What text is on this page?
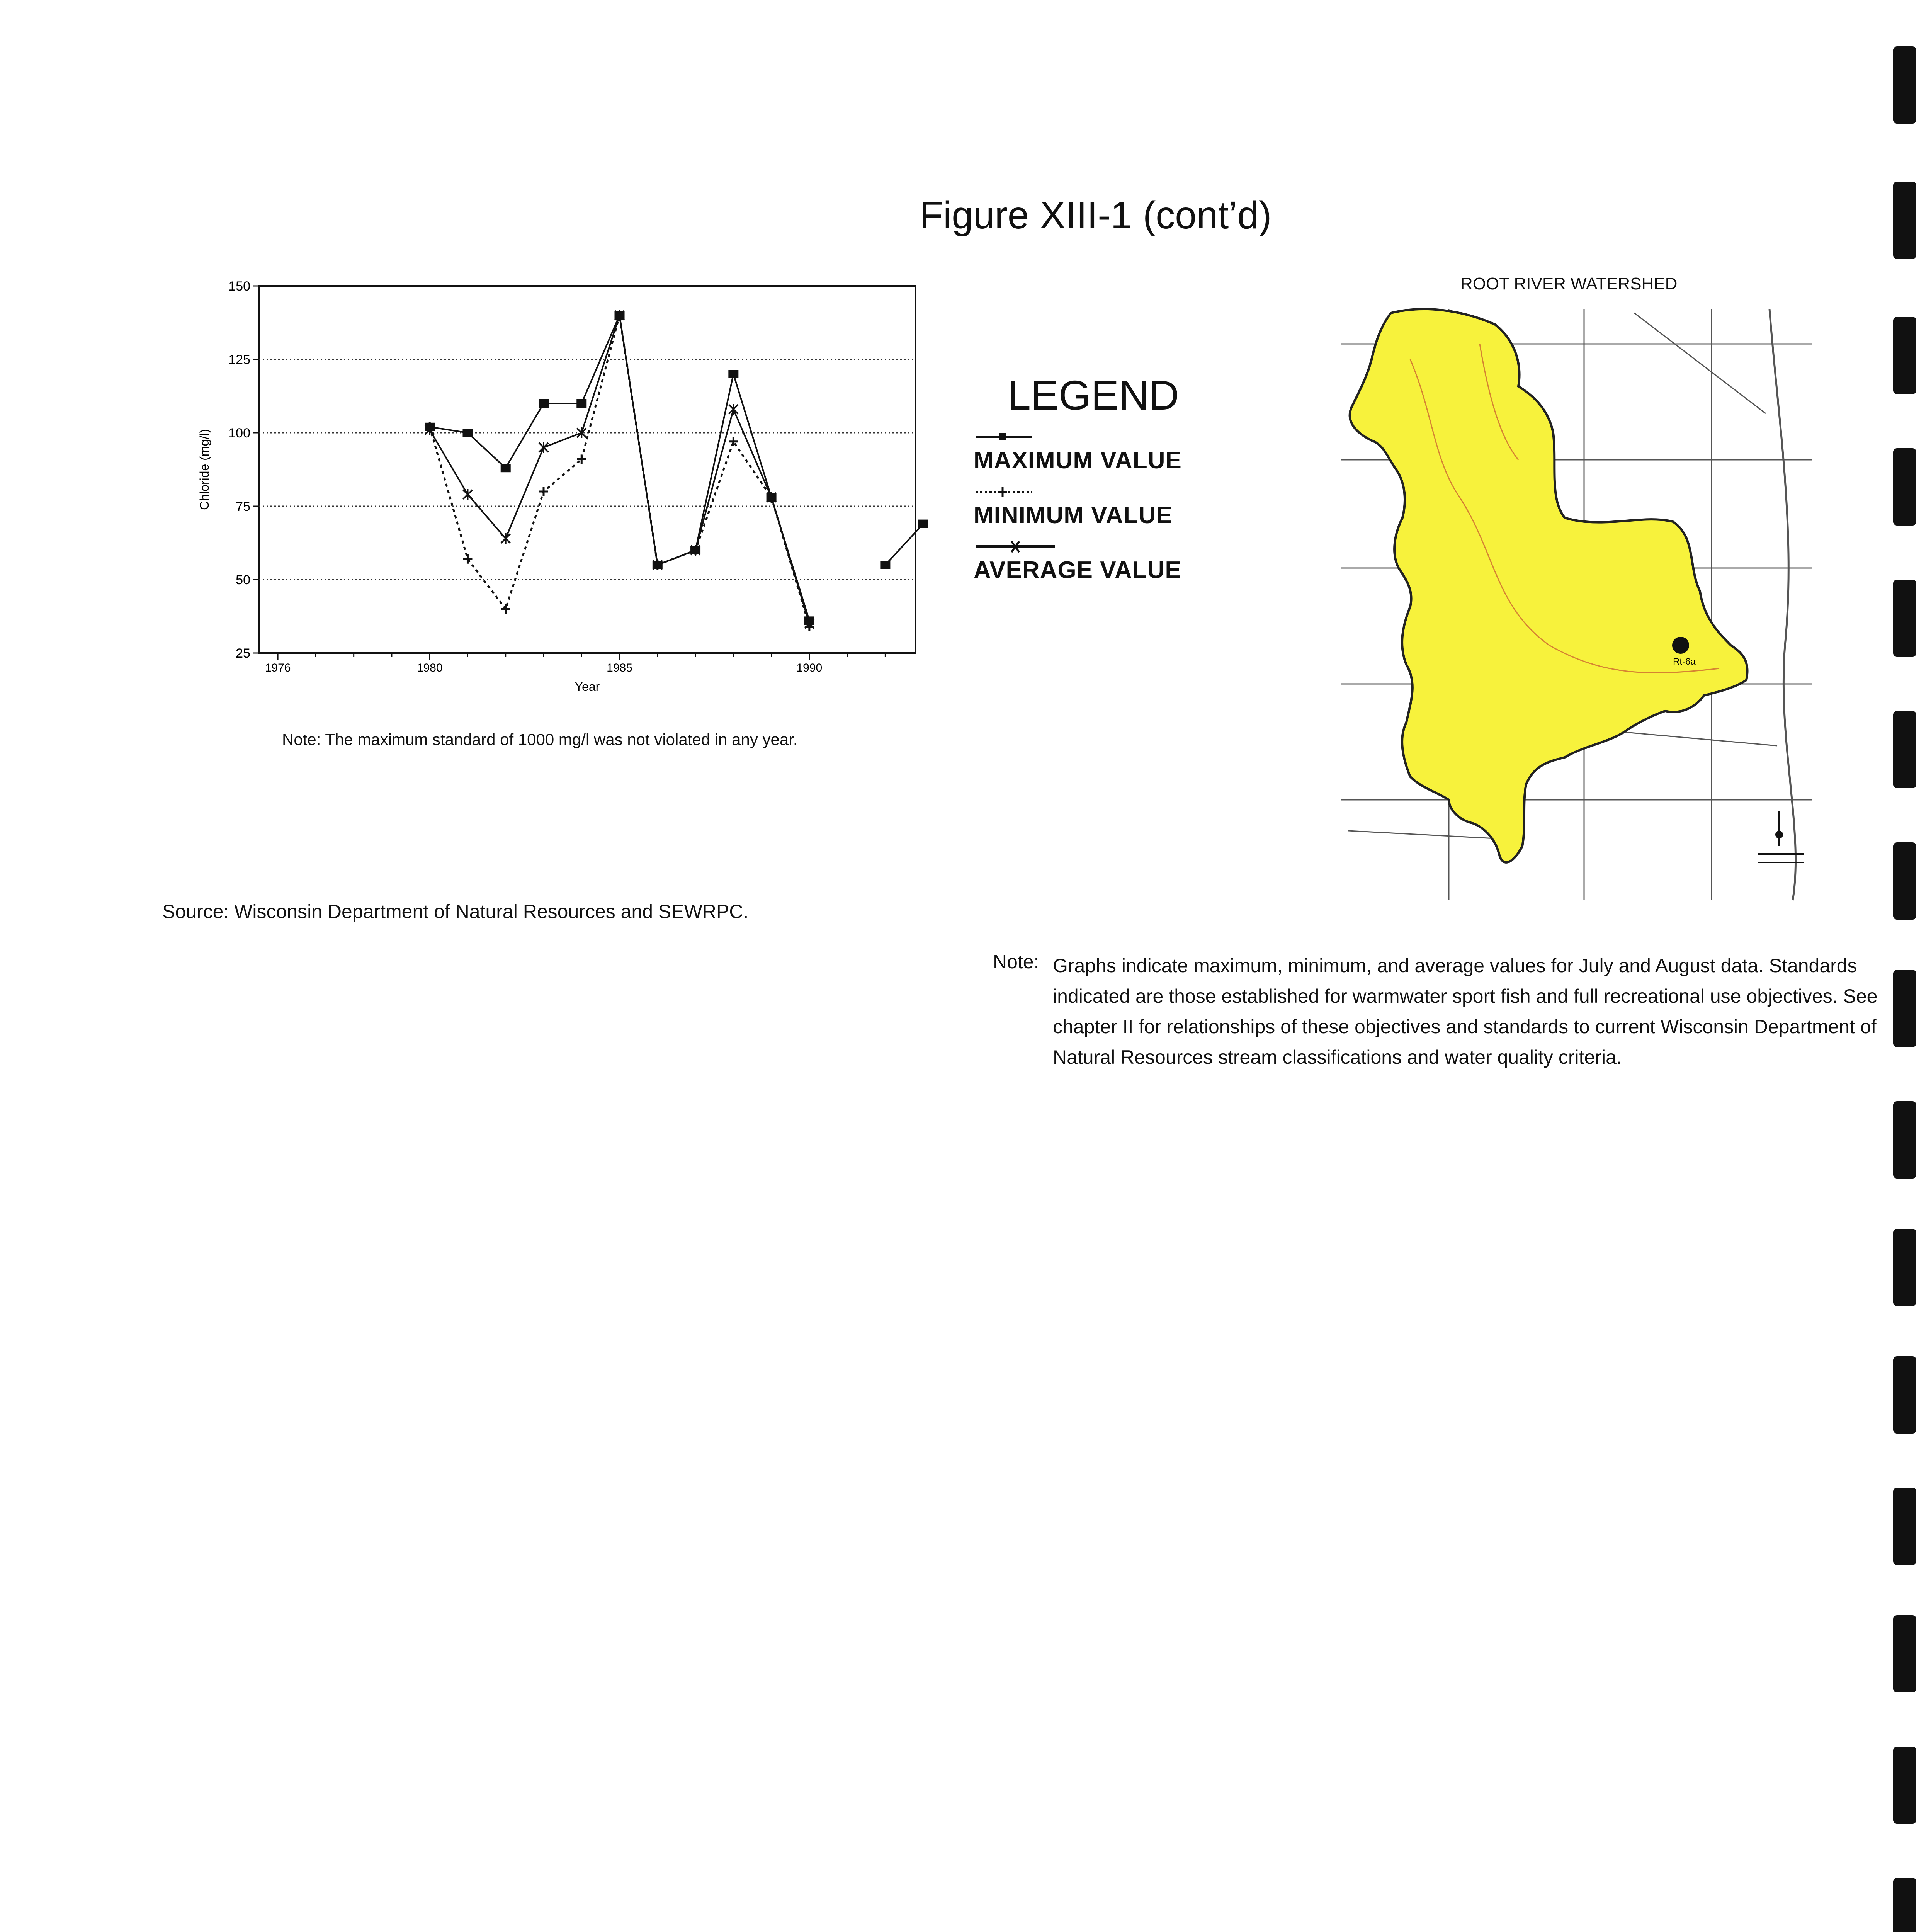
Figure XIII-1 (cont’d)
25
50
75
100
125
150
1976	1980	1985	1990
Year
Chloride (mg/l)
Note: The maximum standard of 1000 mg/l was not violated in any year.
Source: Wisconsin Department of Natural Resources and SEWRPC.
LEGEND
MAXIMUM VALUE
MINIMUM VALUE
AVERAGE VALUE
ROOT RIVER WATERSHED
Rt-6a
Note: Graphs indicate maximum, minimum, and average values for July and August data. Standards indicated are those established for warmwater sport fish and full recreational use objectives. See chapter II for relationships of these objectives and standards to current Wisconsin Department of Natural Resources stream classifications and water quality criteria.
